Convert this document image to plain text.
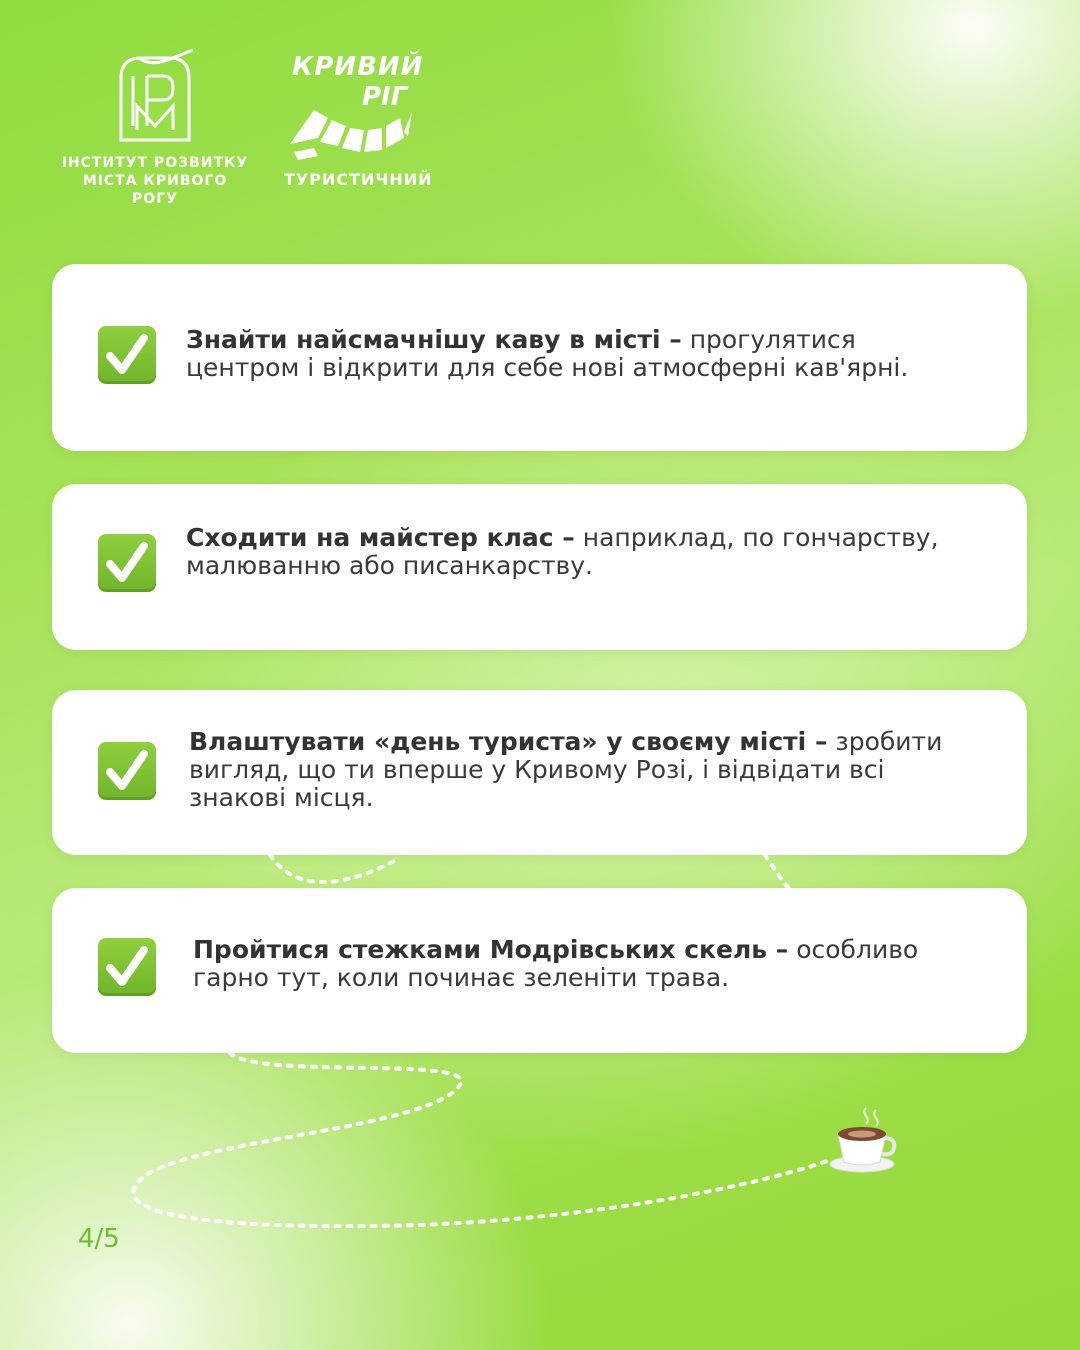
ІНСТИТУТ РОЗВИТКУ
МІСТА КРИВОГО РОГУ
КРИВИЙ
РІГ
ТУРИСТИЧНИЙ
Знайти найсмачнішу каву в місті – прогулятися центром і відкрити для себе нові атмосферні кав'ярні.
Сходити на майстер клас – наприклад, по гончарству, малюванню або писанкарству.
Влаштувати «день туриста» у своєму місті – зробити вигляд, що ти вперше у Кривому Розі, і відвідати всі знакові місця.
Пройтися стежками Модрівських скель – особливо гарно тут, коли починає зеленіти трава.
4/5
